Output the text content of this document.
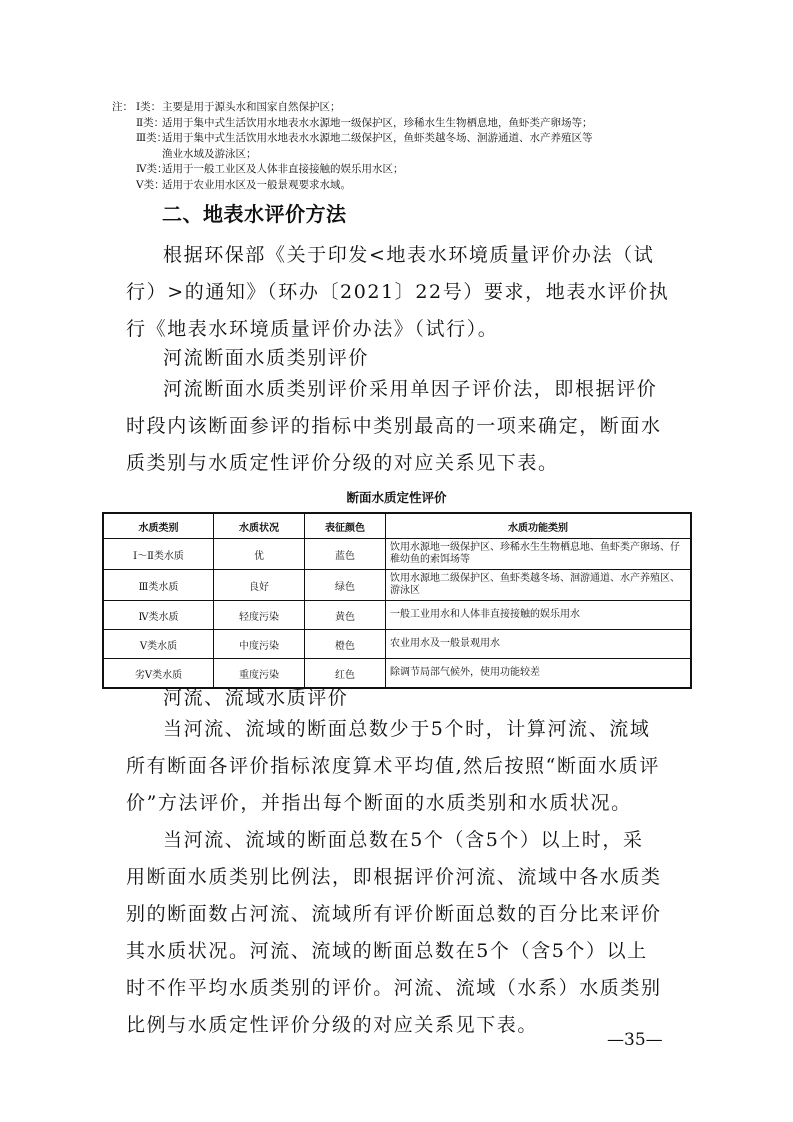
注： Ⅰ类： 主要是用于源头水和国家自然保护区；
Ⅱ类：
适用于集中式生活饮用水地表水水源地一级保护区，珍稀水生生物栖息地，鱼虾类产卵场等；
Ⅲ类：
适用于集中式生活饮用水地表水水源地二级保护区，鱼虾类越冬场、洄游通道、水产养殖区等
渔业水域及游泳区；
Ⅳ类：
适用于一般工业区及人体非直接接触的娱乐用水区；
Ⅴ类：
适用于农业用水区及一般景观要求水域。
二、地表水评价方法
根据环保部《关于印发<地表水环境质量评价办法（试
行）>的通知》（环办〔2021〕22号）要求，地表水评价执
行《地表水环境质量评价办法》（试行）。
河流断面水质类别评价
河流断面水质类别评价采用单因子评价法，即根据评价
时段内该断面参评的指标中类别最高的一项来确定，断面水
质类别与水质定性评价分级的对应关系见下表。
断面水质定性评价
水质类别	水质状况	表征颜色	水质功能类别
Ⅰ～Ⅱ类水质	优	蓝色	饮用水源地一级保护区、珍稀水生生物栖息地、鱼虾类产卵场、仔稚幼鱼的索饵场等
Ⅲ类水质	良好	绿色	饮用水源地二级保护区、鱼虾类越冬场、洄游通道、水产养殖区、游泳区
Ⅳ类水质	轻度污染	黄色	一般工业用水和人体非直接接触的娱乐用水
Ⅴ类水质	中度污染	橙色	农业用水及一般景观用水
劣Ⅴ类水质	重度污染	红色	除调节局部气候外，使用功能较差
河流、流域水质评价
当河流、流域的断面总数少于5个时，计算河流、流域
所有断面各评价指标浓度算术平均值,然后按照“断面水质评
价”方法评价，并指出每个断面的水质类别和水质状况。
当河流、流域的断面总数在5个（含5个）以上时，采
用断面水质类别比例法，即根据评价河流、流域中各水质类
别的断面数占河流、流域所有评价断面总数的百分比来评价
其水质状况。河流、流域的断面总数在5个（含5个）以上
时不作平均水质类别的评价。河流、流域（水系）水质类别
比例与水质定性评价分级的对应关系见下表。
—35—
